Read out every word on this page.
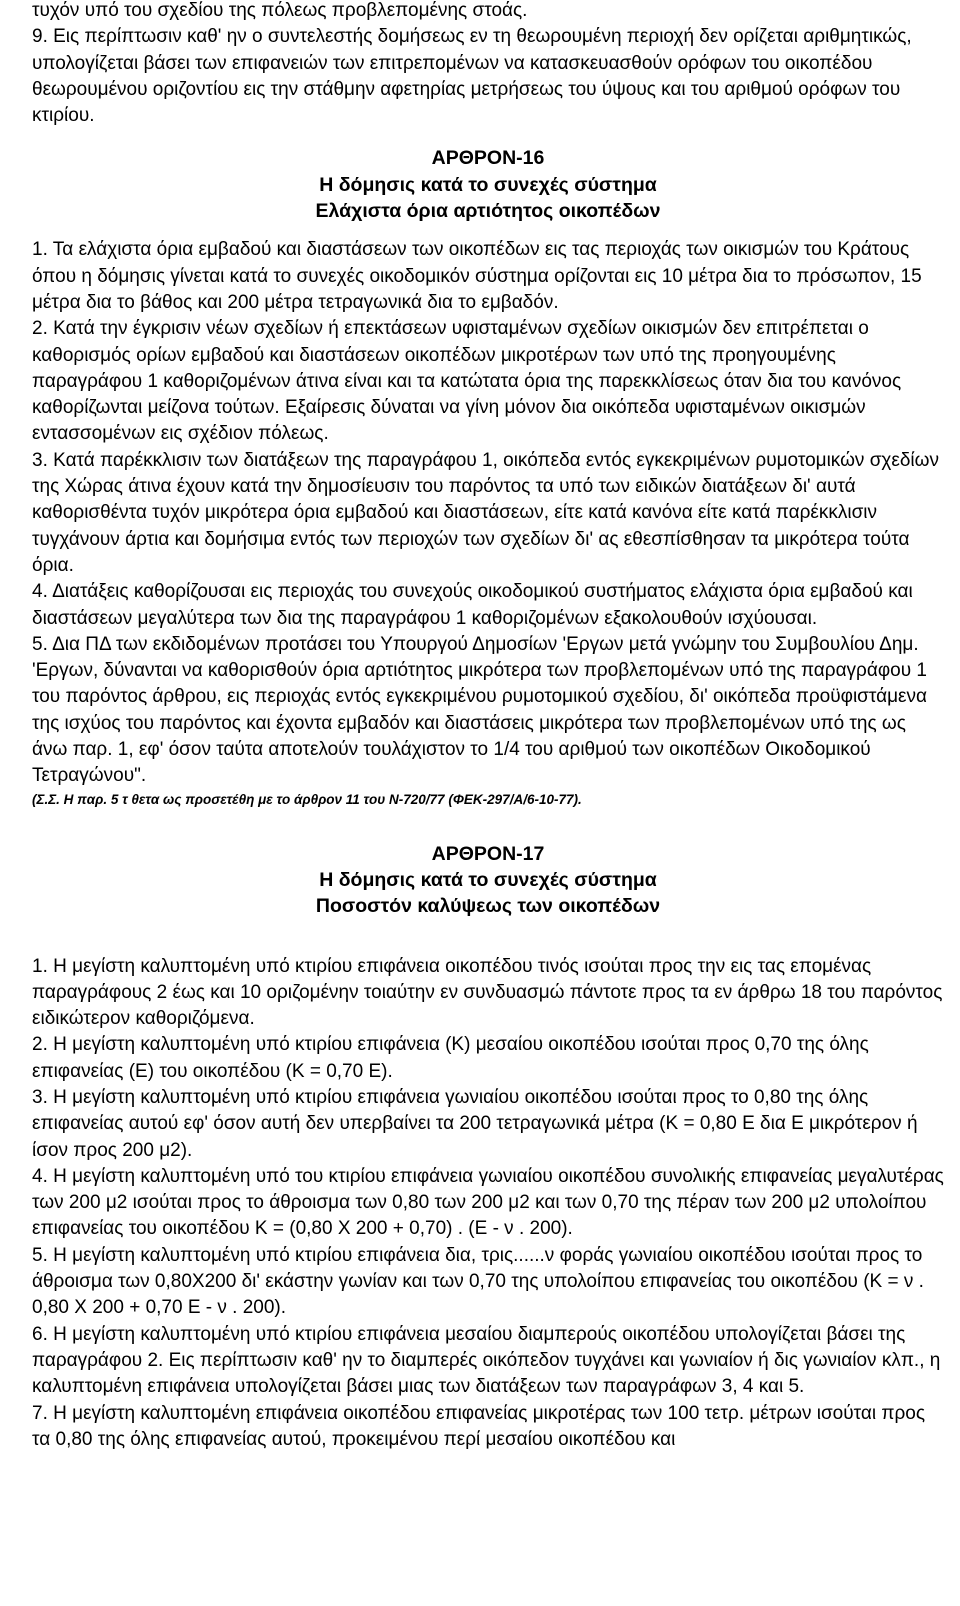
τυχόν υπό του σχεδίου της πόλεως προβλεπομένης στοάς.

9. Εις περίπτωσιν καθ' ην ο συντελεστής δομήσεως εν τη θεωρουμένη περιοχή δεν ορίζεται αριθμητικώς, υπολογίζεται βάσει των επιφανειών των επιτρεπομένων να κατασκευασθούν ορόφων του οικοπέδου θεωρουμένου οριζοντίου εις την στάθμην αφετηρίας μετρήσεως του ύψους και του αριθμού ορόφων του κτιρίου.

ΑΡΘΡΟΝ-16
Η δόμησις κατά το συνεχές σύστημα
Ελάχιστα όρια αρτιότητος οικοπέδων

1. Τα ελάχιστα όρια εμβαδού και διαστάσεων των οικοπέδων εις τας περιοχάς των οικισμών του Κράτους όπου η δόμησις γίνεται κατά το συνεχές οικοδομικόν σύστημα ορίζονται εις 10 μέτρα δια το πρόσωπον, 15 μέτρα δια το βάθος και 200 μέτρα τετραγωνικά δια το εμβαδόν.

2. Κατά την έγκρισιν νέων σχεδίων ή επεκτάσεων υφισταμένων σχεδίων οικισμών δεν επιτρέπεται ο καθορισμός ορίων εμβαδού και διαστάσεων οικοπέδων μικροτέρων των υπό της προηγουμένης παραγράφου 1 καθοριζομένων άτινα είναι και τα κατώτατα όρια της παρεκκλίσεως όταν δια του κανόνος καθορίζωνται μείζονα τούτων. Εξαίρεσις δύναται να γίνη μόνον δια οικόπεδα υφισταμένων οικισμών εντασσομένων εις σχέδιον πόλεως.

3. Κατά παρέκκλισιν των διατάξεων της παραγράφου 1, οικόπεδα εντός εγκεκριμένων ρυμοτομικών σχεδίων της Χώρας άτινα έχουν κατά την δημοσίευσιν του παρόντος τα υπό των ειδικών διατάξεων δι' αυτά καθορισθέντα τυχόν μικρότερα όρια εμβαδού και διαστάσεων, είτε κατά κανόνα είτε κατά παρέκκλισιν τυγχάνουν άρτια και δομήσιμα εντός των περιοχών των σχεδίων δι' ας εθεσπίσθησαν τα μικρότερα τούτα όρια.

4. Διατάξεις καθορίζουσαι εις περιοχάς του συνεχούς οικοδομικού συστήματος ελάχιστα όρια εμβαδού και διαστάσεων μεγαλύτερα των δια της παραγράφου 1 καθοριζομένων εξακολουθούν ισχύουσαι.

5. Δια ΠΔ των εκδιδομένων προτάσει του Υπουργού Δημοσίων 'Εργων μετά γνώμην του Συμβουλίου Δημ. 'Εργων, δύνανται να καθορισθούν όρια αρτιότητος μικρότερα των προβλεπομένων υπό της παραγράφου 1 του παρόντος άρθρου, εις περιοχάς εντός εγκεκριμένου ρυμοτομικού σχεδίου, δι' οικόπεδα προϋφιστάμενα της ισχύος του παρόντος και έχοντα εμβαδόν και διαστάσεις μικρότερα των προβλεπομένων υπό της ως άνω παρ. 1, εφ' όσον ταύτα αποτελούν τουλάχιστον το 1/4 του αριθμού των οικοπέδων Οικοδομικού Τετραγώνου".

(Σ.Σ. Η παρ. 5 τ θετα ως προσετέθη με το άρθρον 11 του Ν-720/77 (ΦΕΚ-297/Α/6-10-77).

ΑΡΘΡΟΝ-17
Η δόμησις κατά το συνεχές σύστημα
Ποσοστόν καλύψεως των οικοπέδων

1. Η μεγίστη καλυπτομένη υπό κτιρίου επιφάνεια οικοπέδου τινός ισούται προς την εις τας επομένας παραγράφους 2 έως και 10 οριζομένην τοιαύτην εν συνδυασμώ πάντοτε προς τα εν άρθρω 18 του παρόντος ειδικώτερον καθοριζόμενα.

2. Η μεγίστη καλυπτομένη υπό κτιρίου επιφάνεια (Κ) μεσαίου οικοπέδου ισούται προς 0,70 της όλης επιφανείας (Ε) του οικοπέδου (Κ = 0,70 Ε).

3. Η μεγίστη καλυπτομένη υπό κτιρίου επιφάνεια γωνιαίου οικοπέδου ισούται προς το 0,80 της όλης επιφανείας αυτού εφ' όσον αυτή δεν υπερβαίνει τα 200 τετραγωνικά μέτρα (Κ = 0,80 Ε δια Ε μικρότερον ή ίσον προς 200 μ2).

4. Η μεγίστη καλυπτομένη υπό του κτιρίου επιφάνεια γωνιαίου οικοπέδου συνολικής επιφανείας μεγαλυτέρας των 200 μ2 ισούται προς το άθροισμα των 0,80 των 200 μ2 και των 0,70 της πέραν των 200 μ2 υπολοίπου επιφανείας του οικοπέδου Κ = (0,80 Χ 200 + 0,70) . (Ε - ν . 200).

5. Η μεγίστη καλυπτομένη υπό κτιρίου επιφάνεια δια, τρις......ν φοράς γωνιαίου οικοπέδου ισούται προς το άθροισμα των 0,80Χ200 δι' εκάστην γωνίαν και των 0,70 της υπολοίπου επιφανείας του οικοπέδου (Κ = ν . 0,80 Χ 200 + 0,70 Ε - ν . 200).

6. Η μεγίστη καλυπτομένη υπό κτιρίου επιφάνεια μεσαίου διαμπερούς οικοπέδου υπολογίζεται βάσει της παραγράφου 2. Εις περίπτωσιν καθ' ην το διαμπερές οικόπεδον τυγχάνει και γωνιαίον ή δις γωνιαίον κλπ., η καλυπτομένη επιφάνεια υπολογίζεται βάσει μιας των διατάξεων των παραγράφων 3, 4 και 5.

7. Η μεγίστη καλυπτομένη επιφάνεια οικοπέδου επιφανείας μικροτέρας των 100 τετρ. μέτρων ισούται προς τα 0,80 της όλης επιφανείας αυτού, προκειμένου περί μεσαίου οικοπέδου και
